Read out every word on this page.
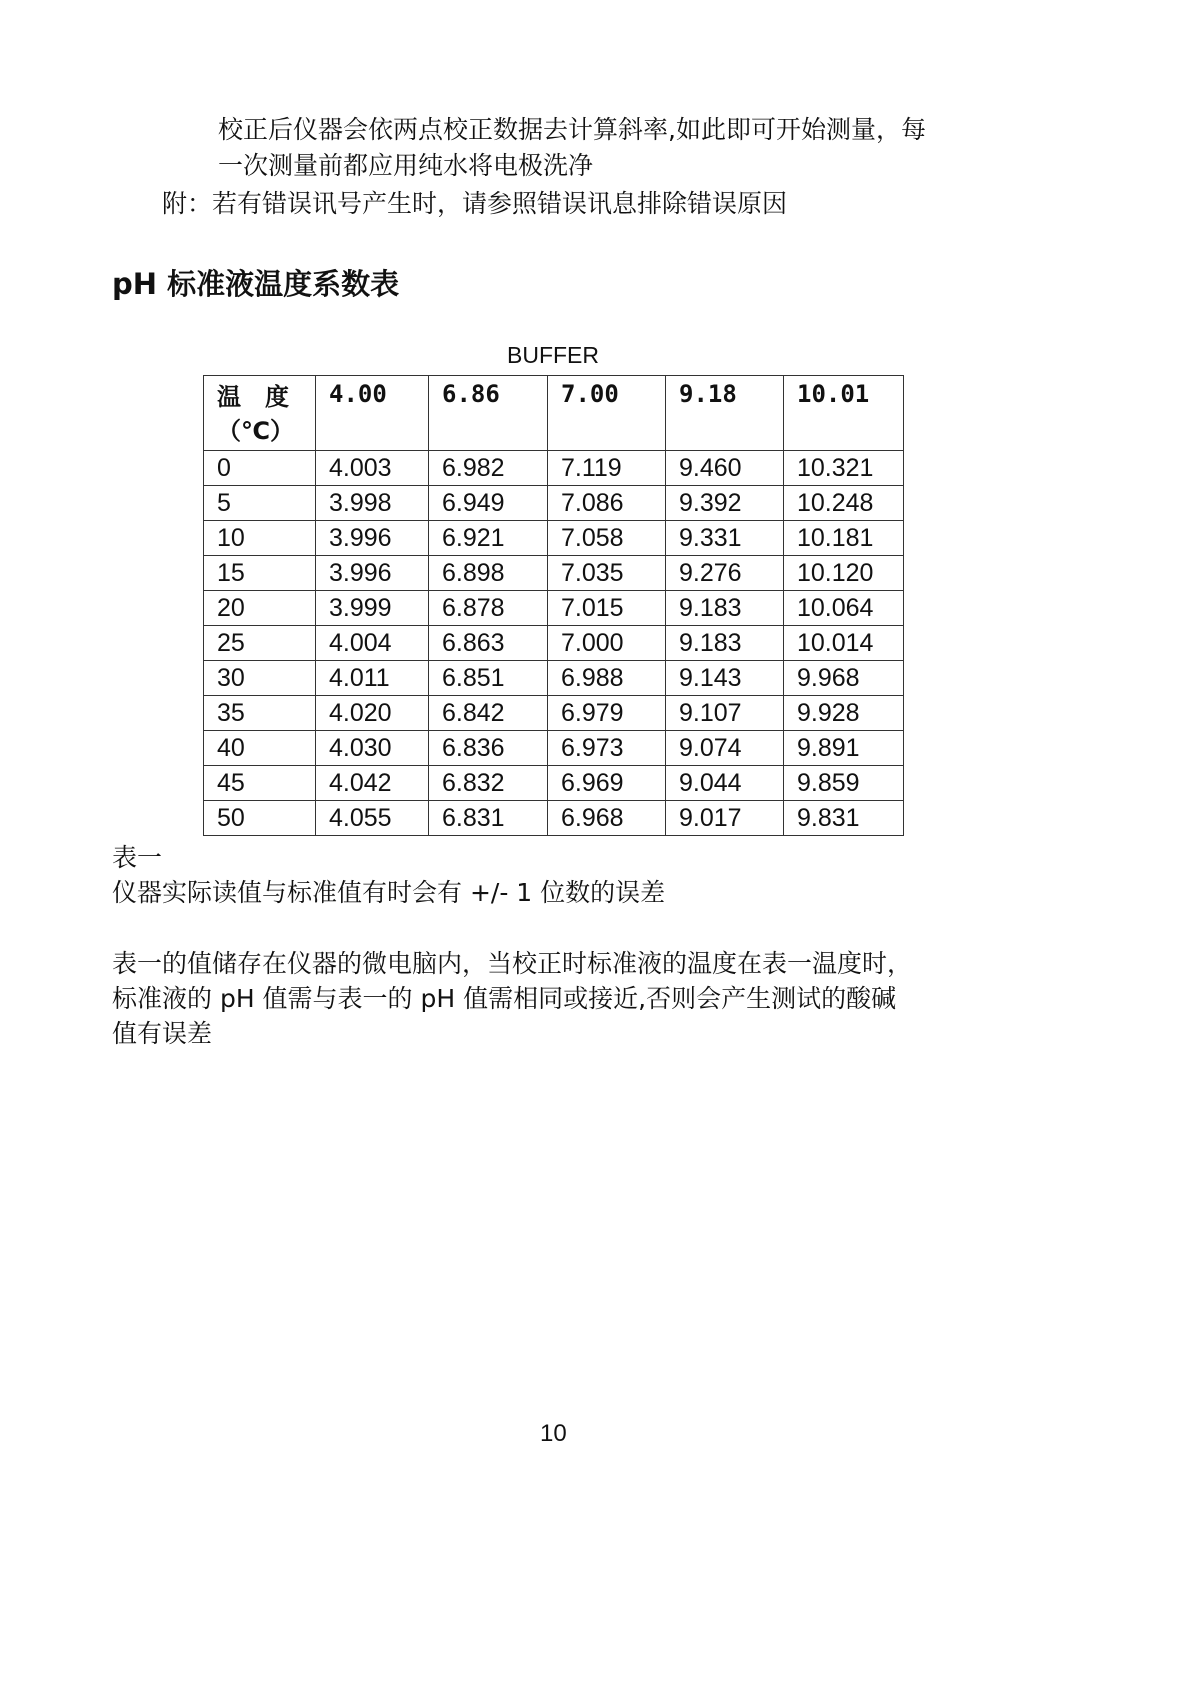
校正后仪器会依两点校正数据去计算斜率,如此即可开始测量，每
一次测量前都应用纯水将电极洗净
附：若有错误讯号产生时，请参照错误讯息排除错误原因
pH 标准液温度系数表
BUFFER
温　度
（℃）	4.00	6.86	7.00	9.18	10.01
0	4.003	6.982	7.119	9.460	10.321
5	3.998	6.949	7.086	9.392	10.248
10	3.996	6.921	7.058	9.331	10.181
15	3.996	6.898	7.035	9.276	10.120
20	3.999	6.878	7.015	9.183	10.064
25	4.004	6.863	7.000	9.183	10.014
30	4.011	6.851	6.988	9.143	9.968
35	4.020	6.842	6.979	9.107	9.928
40	4.030	6.836	6.973	9.074	9.891
45	4.042	6.832	6.969	9.044	9.859
50	4.055	6.831	6.968	9.017	9.831
表一
仪器实际读值与标准值有时会有 +/- 1 位数的误差
表一的值储存在仪器的微电脑内，当校正时标准液的温度在表一温度时，
标准液的 pH 值需与表一的 pH 值需相同或接近,否则会产生测试的酸碱
值有误差
10
